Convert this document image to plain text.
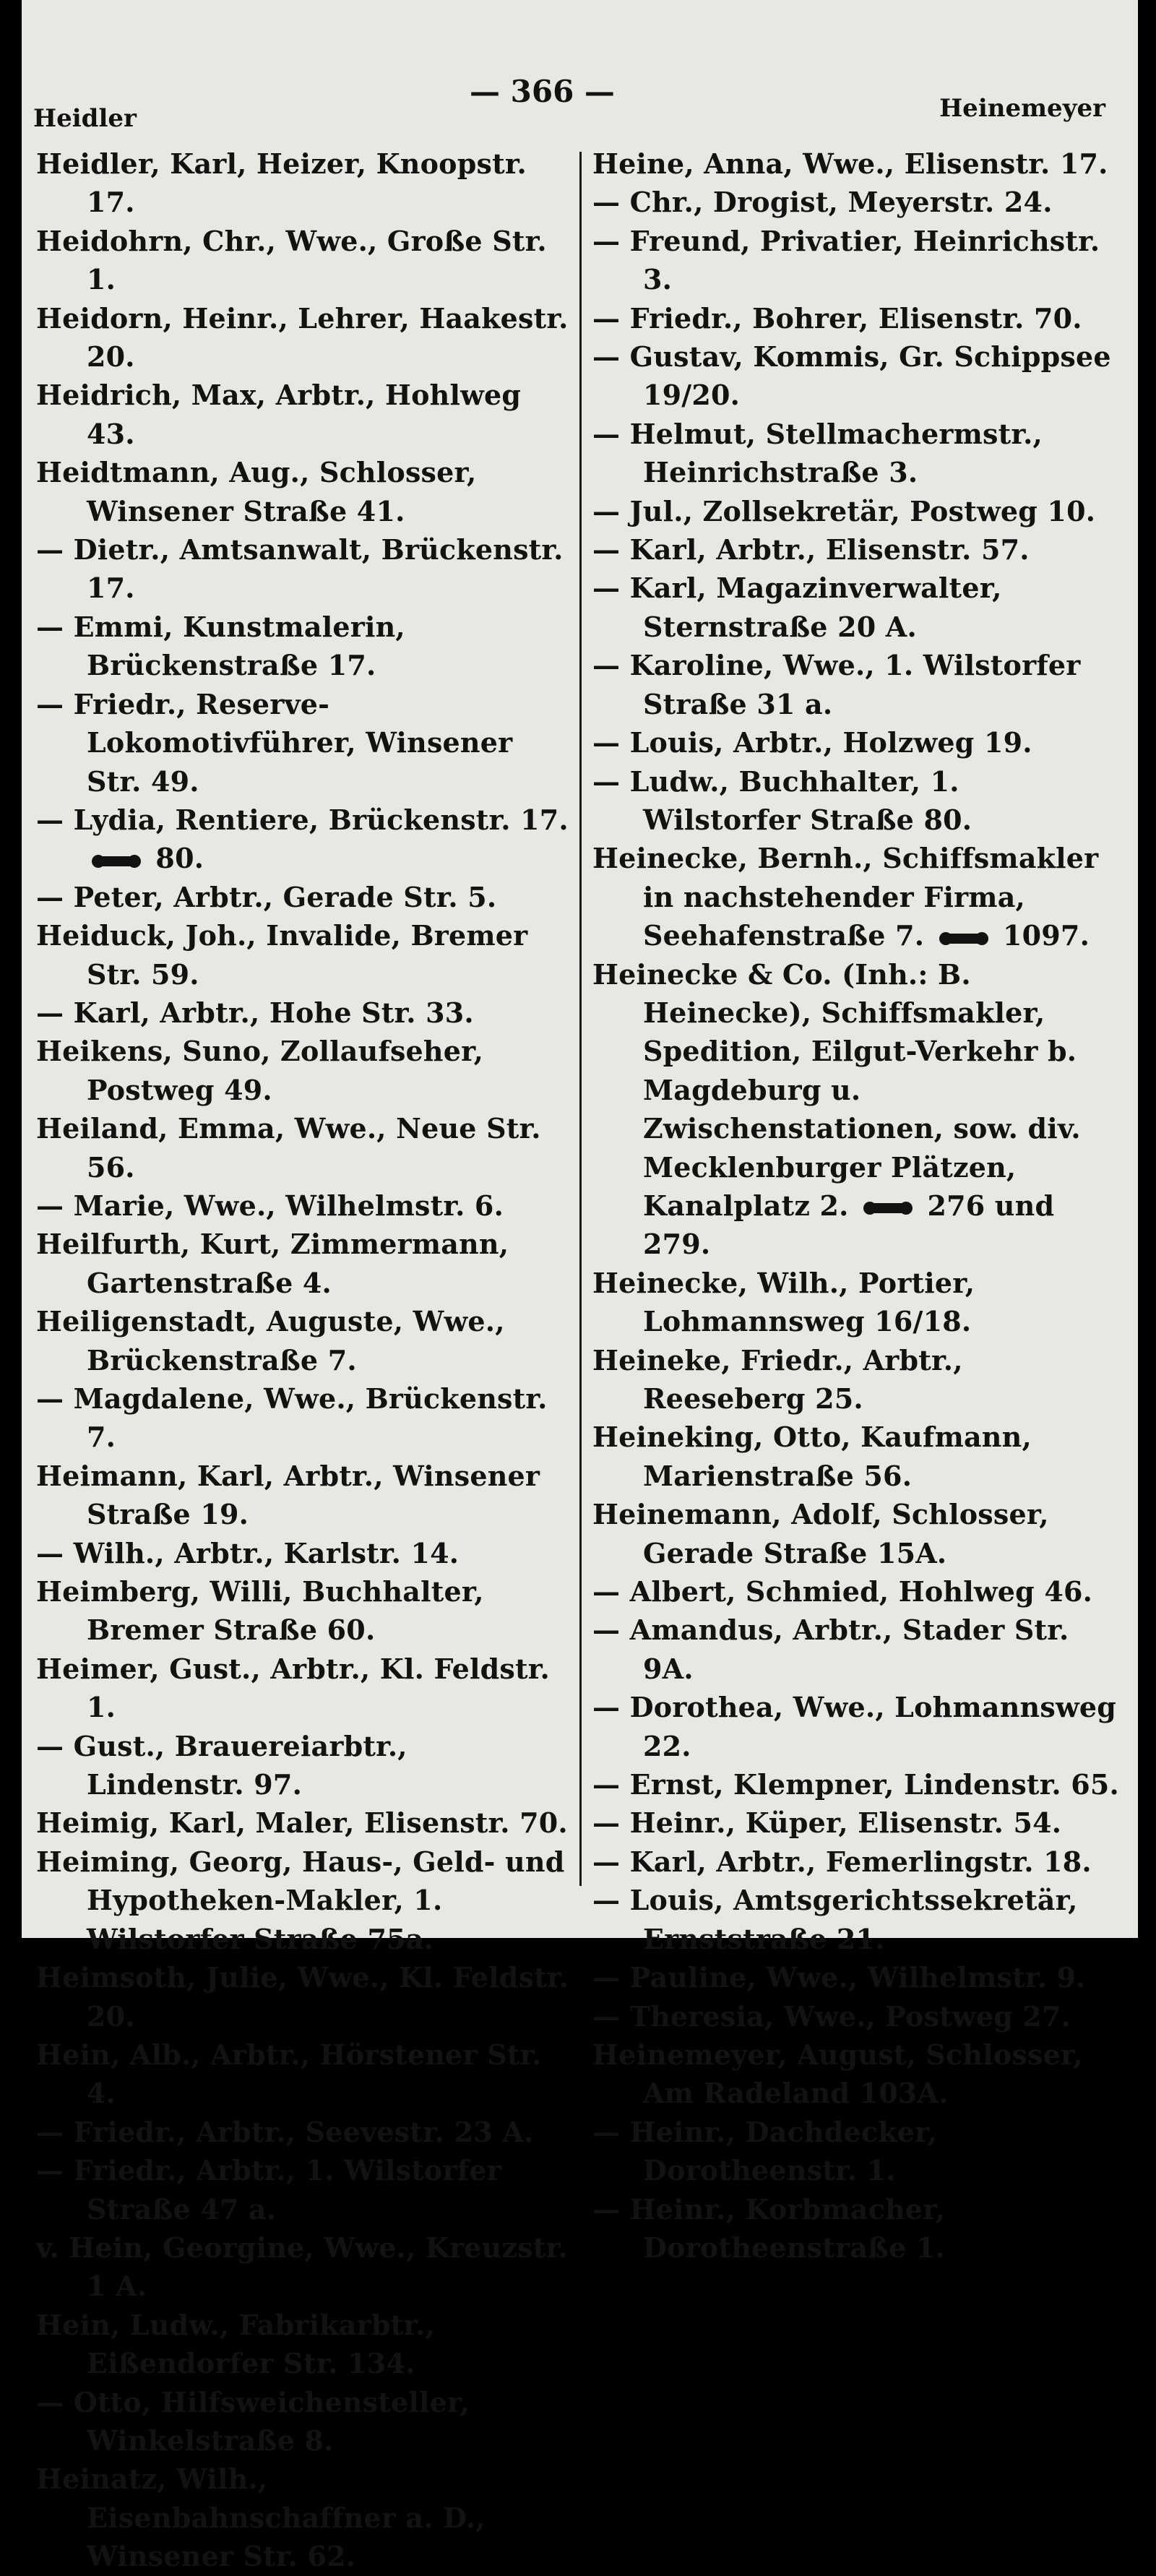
Heidler
— 366 —	Heinemeyer

Heidler, Karl, Heizer, Knoopstr. 17.

Heidohrn, Chr., Wwe., Große Str. 1.

Heidorn, Heinr., Lehrer, Haakestr. 20.

Heidrich, Max, Arbtr., Hohlweg 43.

Heidtmann, Aug., Schlosser, Winsener Straße 41.

— Dietr., Amtsanwalt, Brückenstr. 17.

— Emmi, Kunstmalerin, Brückenstraße 17.

— Friedr., Reserve-Lokomotivführer, Winsener Str. 49.

— Lydia, Rentiere, Brückenstr. 17.  80.

— Peter, Arbtr., Gerade Str. 5.

Heiduck, Joh., Invalide, Bremer Str. 59.

— Karl, Arbtr., Hohe Str. 33.

Heikens, Suno, Zollaufseher, Postweg 49.

Heiland, Emma, Wwe., Neue Str. 56.

— Marie, Wwe., Wilhelmstr. 6.

Heilfurth, Kurt, Zimmermann, Gartenstraße 4.

Heiligenstadt, Auguste, Wwe., Brückenstraße 7.

— Magdalene, Wwe., Brückenstr. 7.

Heimann, Karl, Arbtr., Winsener Straße 19.

— Wilh., Arbtr., Karlstr. 14.

Heimberg, Willi, Buchhalter, Bremer Straße 60.

Heimer, Gust., Arbtr., Kl. Feldstr. 1.

— Gust., Brauereiarbtr., Lindenstr. 97.

Heimig, Karl, Maler, Elisenstr. 70.

Heiming, Georg, Haus-, Geld- und Hypotheken-Makler, 1. Wilstorfer Straße 75a.

Heimsoth, Julie, Wwe., Kl. Feldstr. 20.

Hein, Alb., Arbtr., Hörstener Str. 4.

— Friedr., Arbtr., Seevestr. 23 A.

— Friedr., Arbtr., 1. Wilstorfer Straße 47 a.

v. Hein, Georgine, Wwe., Kreuzstr. 1 A.

Hein, Ludw., Fabrikarbtr., Eißendorfer Str. 134.

— Otto, Hilfsweichensteller, Winkelstraße 8.

Heinatz, Wilh., Eisenbahnschaffner a. D., Winsener Str. 62.

Heine, Anna, Wwe., Elisenstr. 17.

— Chr., Drogist, Meyerstr. 24.

— Freund, Privatier, Heinrichstr. 3.

— Friedr., Bohrer, Elisenstr. 70.

— Gustav, Kommis, Gr. Schippsee 19/20.

— Helmut, Stellmachermstr., Heinrichstraße 3.

— Jul., Zollsekretär, Postweg 10.

— Karl, Arbtr., Elisenstr. 57.

— Karl, Magazinverwalter, Sternstraße 20 A.

— Karoline, Wwe., 1. Wilstorfer Straße 31 a.

— Louis, Arbtr., Holzweg 19.

— Ludw., Buchhalter, 1. Wilstorfer Straße 80.

Heinecke, Bernh., Schiffsmakler in nachstehender Firma, Seehafenstraße 7.  1097.

Heinecke & Co. (Inh.: B. Heinecke), Schiffsmakler, Spedition, Eilgut-Verkehr b. Magdeburg u. Zwischenstationen, sow. div. Mecklenburger Plätzen, Kanalplatz 2.  276 und 279.

Heinecke, Wilh., Portier, Lohmannsweg 16/18.

Heineke, Friedr., Arbtr., Reeseberg 25.

Heineking, Otto, Kaufmann, Marienstraße 56.

Heinemann, Adolf, Schlosser, Gerade Straße 15A.

— Albert, Schmied, Hohlweg 46.

— Amandus, Arbtr., Stader Str. 9A.

— Dorothea, Wwe., Lohmannsweg 22.

— Ernst, Klempner, Lindenstr. 65.

— Heinr., Küper, Elisenstr. 54.

— Karl, Arbtr., Femerlingstr. 18.

— Louis, Amtsgerichtssekretär, Ernststraße 21.

— Pauline, Wwe., Wilhelmstr. 9.

— Theresia, Wwe., Postweg 27.

Heinemeyer, August, Schlosser, Am Radeland 103A.

— Heinr., Dachdecker, Dorotheenstr. 1.

— Heinr., Korbmacher, Dorotheenstraße 1.
